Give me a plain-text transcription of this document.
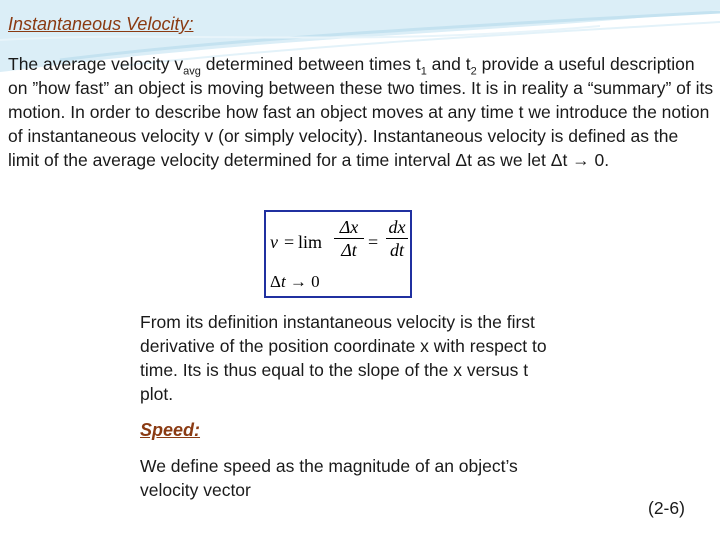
Instantaneous Velocity:
The average velocity $v_{avg}$ determined between times $t_1$ and $t_2$ provide a useful description on ”how fast” an object is moving between these two times. It is in reality a “summary” of its motion. In order to describe how fast an object moves at any time t we introduce the notion of instantaneous velocity v (or simply velocity). Instantaneous velocity is defined as the limit of the average velocity determined for a time interval Δt as we let Δt → 0.
$v = \lim \frac{\Delta x}{\Delta t} = \frac{dx}{dt}$
Δt → 0
From its definition instantaneous velocity is the first derivative of the position coordinate x with respect to time. Its is thus equal to the slope of the x versus t plot.
Speed:
We define speed as the magnitude of an object’s velocity vector
(2-6)
